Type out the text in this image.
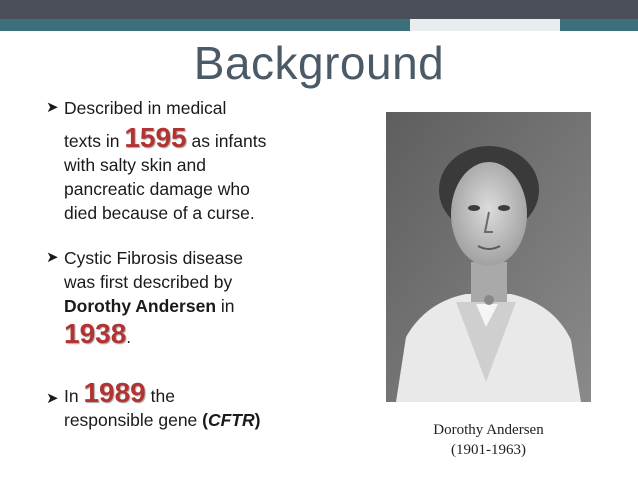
Background
➤ Described in medical
texts in 1595 as infants
with salty skin and
pancreatic damage who
died because of a curse.
➤ Cystic Fibrosis disease
was first described by
Dorothy Andersen in
1938.
➤ In 1989 the
responsible gene (CFTR)	Dorothy Andersen
(1901-1963)
